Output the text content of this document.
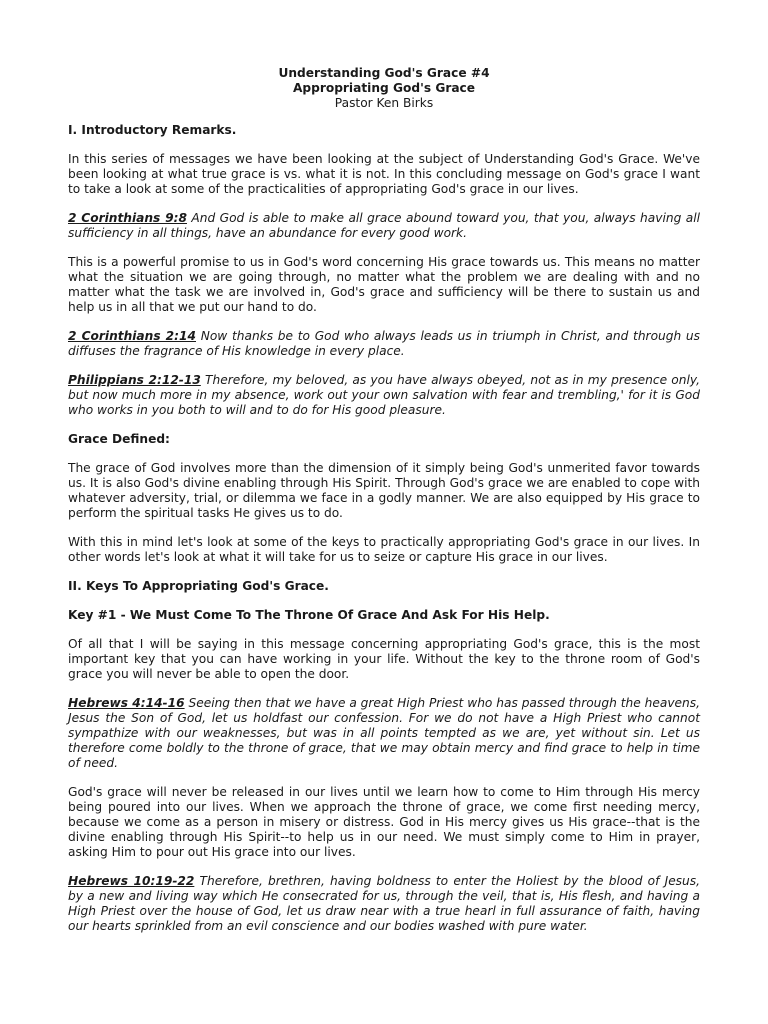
Understanding God's Grace #4
Appropriating God's Grace
Pastor Ken Birks
I. Introductory Remarks.

In this series of messages we have been looking at the subject of Understanding God's Grace. We've been looking at what true grace is vs. what it is not. In this concluding message on God's grace I want to take a look at some of the practicalities of appropriating God's grace in our lives.

2 Corinthians 9:8 And God is able to make all grace abound toward you, that you, always having all sufficiency in all things, have an abundance for every good work.

This is a powerful promise to us in God's word concerning His grace towards us. This means no matter what the situation we are going through, no matter what the problem we are dealing with and no matter what the task we are involved in, God's grace and sufficiency will be there to sustain us and help us in all that we put our hand to do.

2 Corinthians 2:14 Now thanks be to God who always leads us in triumph in Christ, and through us diffuses the fragrance of His knowledge in every place.

Philippians 2:12-13 Therefore, my beloved, as you have always obeyed, not as in my presence only, but now much more in my absence, work out your own salvation with fear and trembling,' for it is God who works in you both to will and to do for His good pleasure.

Grace Defined:

The grace of God involves more than the dimension of it simply being God's unmerited favor towards us. It is also God's divine enabling through His Spirit. Through God's grace we are enabled to cope with whatever adversity, trial, or dilemma we face in a godly manner. We are also equipped by His grace to perform the spiritual tasks He gives us to do.

With this in mind let's look at some of the keys to practically appropriating God's grace in our lives. In other words let's look at what it will take for us to seize or capture His grace in our lives.

II. Keys To Appropriating God's Grace.
Key #1 - We Must Come To The Throne Of Grace And Ask For His Help.

Of all that I will be saying in this message concerning appropriating God's grace, this is the most important key that you can have working in your life. Without the key to the throne room of God's grace you will never be able to open the door.

Hebrews 4:14-16 Seeing then that we have a great High Priest who has passed through the heavens, Jesus the Son of God, let us holdfast our confession. For we do not have a High Priest who cannot sympathize with our weaknesses, but was in all points tempted as we are, yet without sin. Let us therefore come boldly to the throne of grace, that we may obtain mercy and find grace to help in time of need.

God's grace will never be released in our lives until we learn how to come to Him through His mercy being poured into our lives. When we approach the throne of grace, we come first needing mercy, because we come as a person in misery or distress. God in His mercy gives us His grace--that is the divine enabling through His Spirit--to help us in our need. We must simply come to Him in prayer, asking Him to pour out His grace into our lives.

Hebrews 10:19-22 Therefore, brethren, having boldness to enter the Holiest by the blood of Jesus, by a new and living way which He consecrated for us, through the veil, that is, His flesh, and having a High Priest over the house of God, let us draw near with a true hearl in full assurance of faith, having our hearts sprinkled from an evil conscience and our bodies washed with pure water.
